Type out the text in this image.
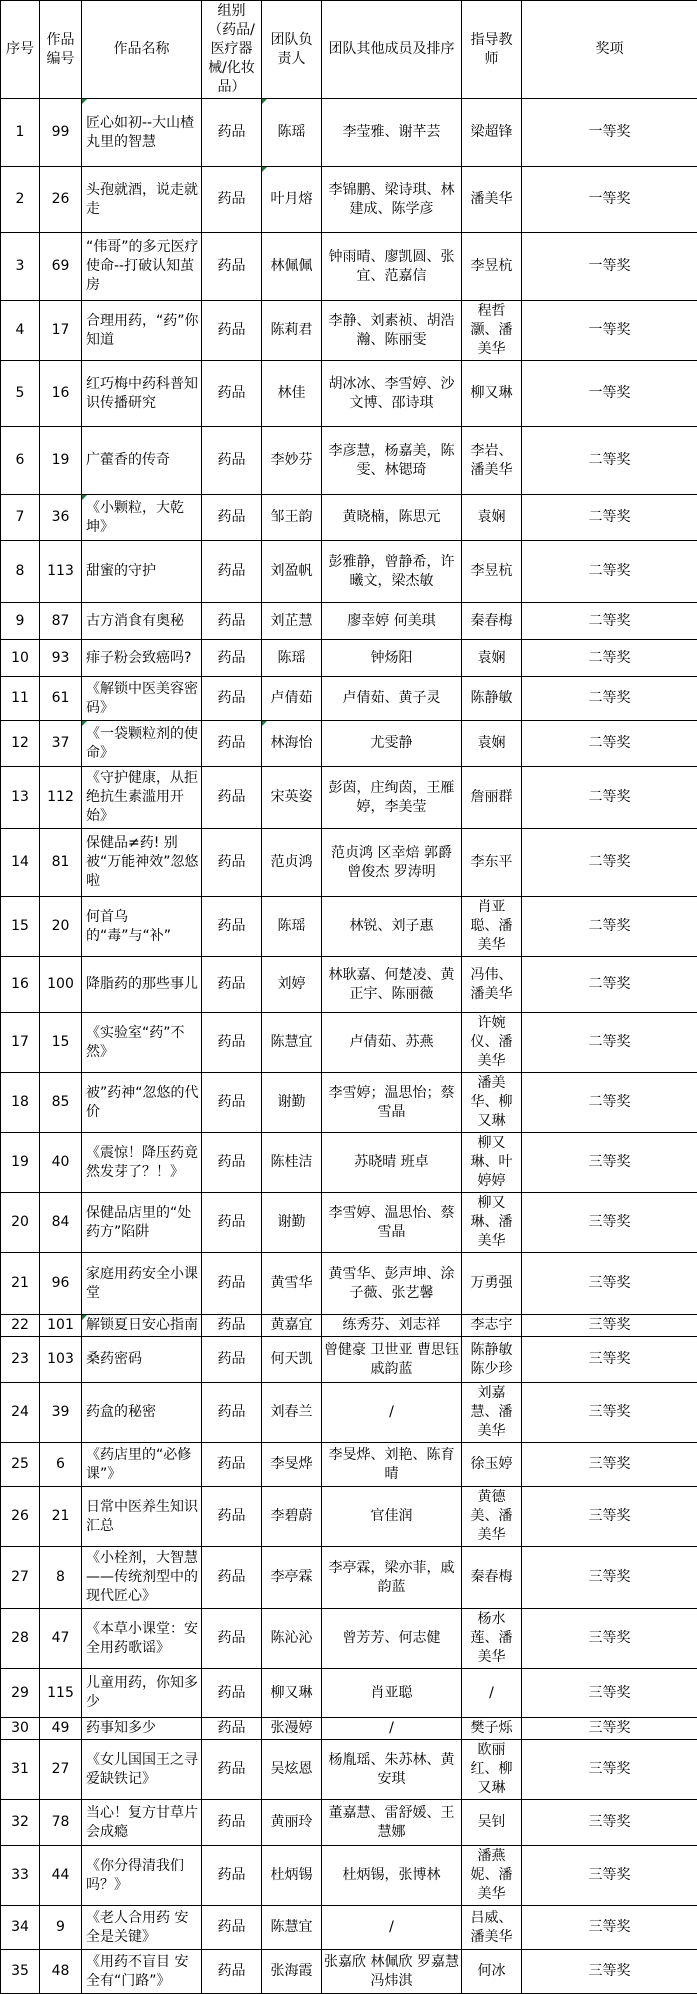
序号	作品编号	作品名称	组别（药品/医疗器械/化妆品）	团队负责人	团队其他成员及排序	指导教师	奖项
1	99	匠心如初--大山楂丸里的智慧	药品	陈瑶	李莹雅、谢芊芸	梁超锋	一等奖
2	26	头孢就酒，说走就走	药品	叶月熔	李锦鹏、梁诗琪、林建成、陈学彦	潘美华	一等奖
3	69	“伟哥”的多元医疗使命--打破认知茧房	药品	林佩佩	钟雨晴、廖凯圆、张宜、范嘉信	李昱杭	一等奖
4	17	合理用药，“药”你知道	药品	陈莉君	李静、刘素祯、胡浩瀚、陈丽雯	程哲灏、潘美华	一等奖
5	16	红巧梅中药科普知识传播研究	药品	林佳	胡冰冰、李雪婷、沙文博、邵诗琪	柳又琳	一等奖
6	19	广藿香的传奇	药品	李妙芬	李彦慧，杨嘉美，陈雯、林锶琦	李岩、潘美华	二等奖
7	36	《小颗粒，大乾坤》	药品	邹王韵	黄晓楠，陈思元	袁娴	二等奖
8	113	甜蜜的守护	药品	刘盈帆	彭雅静，曾静希，许曦文，梁杰敏	李昱杭	二等奖
9	87	古方消食有奥秘	药品	刘芷慧	廖幸婷 何美琪	秦春梅	二等奖
10	93	痱子粉会致癌吗?	药品	陈瑶	钟炀阳	袁娴	二等奖
11	61	《解锁中医美容密码》	药品	卢倩茹	卢倩茹、黄子灵	陈静敏	二等奖
12	37	《一袋颗粒剂的使命》	药品	林海怡	尤雯静	袁娴	二等奖
13	112	《守护健康，从拒绝抗生素滥用开始》	药品	宋英姿	彭茵，庄绚茵，王雁婷，李美莹	詹丽群	二等奖
14	81	保健品≠药! 别被“万能神效”忽悠啦	药品	范贞鸿	范贞鸿 区幸焙 郭爵 曾俊杰 罗涛明	李东平	二等奖
15	20	何首乌的“毒”与“补”	药品	陈瑶	林锐、刘子惠	肖亚聪、潘美华	二等奖
16	100	降脂药的那些事儿	药品	刘婷	林耿嘉、何楚凌、黄正宇、陈丽薇	冯伟、潘美华	二等奖
17	15	《实验室“药”不然》	药品	陈慧宜	卢倩茹、苏燕	许婉仪、潘美华	二等奖
18	85	被”药神“忽悠的代价	药品	谢勤	李雪婷；温思怡；蔡雪晶	潘美华、柳又琳	二等奖
19	40	《震惊！降压药竟然发芽了？！》	药品	陈桂洁	苏晓晴 班卓	柳又琳、叶婷婷	三等奖
20	84	保健品店里的“处药方”陷阱	药品	谢勤	李雪婷、温思怡、蔡雪晶	柳又琳、潘美华	三等奖
21	96	家庭用药安全小课堂	药品	黄雪华	黄雪华、彭声坤、涂子薇、张艺馨	万勇强	三等奖
22	101	解锁夏日安心指南	药品	黄嘉宜	练秀芬、刘志祥	李志宇	三等奖
23	103	桑药密码	药品	何天凯	曾健豪 卫世亚 曹思钰 戚韵蓝	陈静敏 陈少珍	三等奖
24	39	药盒的秘密	药品	刘春兰	/	刘嘉慧、潘美华	三等奖
25	6	《药店里的“必修课”》	药品	李旻烨	李旻烨、刘艳、陈育晴	徐玉婷	三等奖
26	21	日常中医养生知识汇总	药品	李碧蔚	官佳润	黄德美、潘美华	三等奖
27	8	《小栓剂，大智慧——传统剂型中的现代匠心》	药品	李亭霖	李亭霖，梁亦菲，戚韵蓝	秦春梅	三等奖
28	47	《本草小课堂：安全用药歌谣》	药品	陈沁沁	曾芳芳、何志健	杨水莲、潘美华	三等奖
29	115	儿童用药，你知多少	药品	柳又琳	肖亚聪	/	三等奖
30	49	药事知多少	药品	张漫婷	/	樊子烁	三等奖
31	27	《女儿国国王之寻爱缺铁记》	药品	吴炫恩	杨胤瑶、朱苏林、黄安琪	欧丽红、柳又琳	三等奖
32	78	当心！复方甘草片会成瘾	药品	黄丽玲	董嘉慧、雷舒媛、王慧娜	吴钊	三等奖
33	44	《你分得清我们吗？》	药品	杜炳锡	杜炳锡，张博林	潘燕妮、潘美华	三等奖
34	9	《老人合用药 安全是关键》	药品	陈慧宜	/	吕威、潘美华	三等奖
35	48	《用药不盲目 安全有“门路”》	药品	张海霞	张嘉欣 林佩欣 罗嘉慧 冯炜淇	何冰	三等奖
